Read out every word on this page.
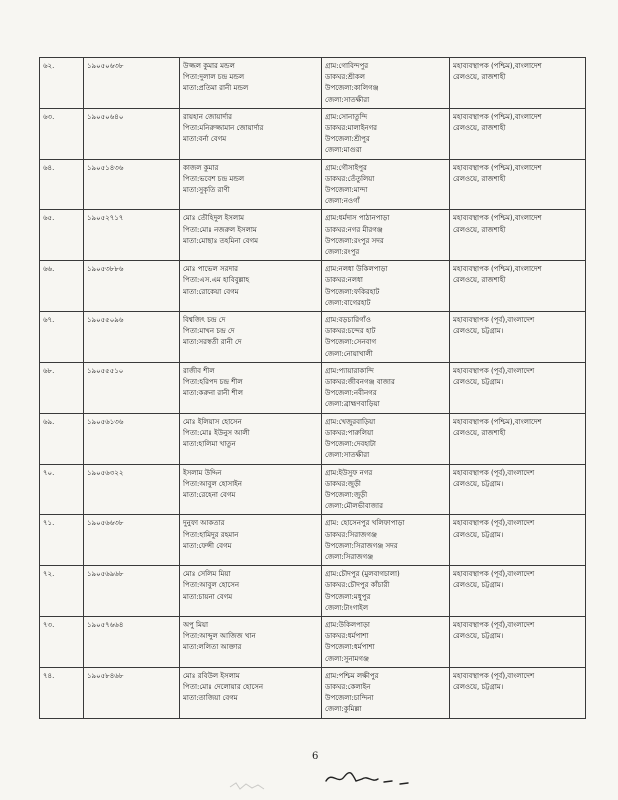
৬২.	১৯০৫০৬৩৮	উজ্জল কুমার মন্ডল
পিতা:দুলাল চন্দ্র মন্ডল
মাতা:প্রতিমা রানী মন্ডল	গ্রাম:গোবিন্দপুর
ডাকঘর:শ্রীকল
উপজেলা:কালিগঞ্জ
জেলা:সাতক্ষীরা	মহাব্যবস্থাপক (পশ্চিম),বাংলাদেশ
রেলওয়ে, রাজশাহী

৬৩.	১৯০৫০৬৪০	রায়হান জোয়ার্দার
পিতা:মনিরুজ্জামান জোয়ার্দার
মাতা:বর্না বেগম	গ্রাম:সোনাতুন্দি
ডাকঘর:মালাইনগর
উপজেলা:শ্রীপুর
জেলা:মাগুরা	মহাব্যবস্থাপক (পশ্চিম),বাংলাদেশ
রেলওয়ে, রাজশাহী

৬৪.	১৯০৫১৪৩৬	কাজল কুমার
পিতা:ভবেশ চন্দ্র মন্ডল
মাতা:সুকৃতি রাণী	গ্রাম:গৌসাইপুর
ডাকঘর:তেঁতুলিয়া
উপজেলা:মান্দা
জেলা:নওগাঁ	মহাব্যবস্থাপক (পশ্চিম),বাংলাদেশ
রেলওয়ে, রাজশাহী

৬৫.	১৯০৫২৭১৭	মোঃ তৌহিদুল ইসলাম
পিতা:মোঃ নজরুল ইসলাম
মাতা:মোছাঃ তহমিনা বেগম	গ্রাম:ধর্মদাস পাঠানপাড়া
ডাকঘর:নগর মীরগঞ্জ
উপজেলা:রংপুর সদর
জেলা:রংপুর	মহাব্যবস্থাপক (পশ্চিম),বাংলাদেশ
রেলওয়ে, রাজশাহী

৬৬.	১৯০৫৩৮৮৬	মোঃ পাভেল সরদার
পিতা:এস.এম হাবিবুল্লাহ
মাতা:রোকেয়া বেগম	গ্রাম:নলধা উকিলপাড়া
ডাকঘর:নলধা
উপজেলা:ফকিরহাট
জেলা:বাগেরহাট	মহাব্যবস্থাপক (পশ্চিম),বাংলাদেশ
রেলওয়ে, রাজশাহী

৬৭.	১৯০৫৫০৯৬	বিশ্বজিৎ চন্দ্র দে
পিতা:মাখন চন্দ্র দে
মাতা:সরস্বতী রানী দে	গ্রাম:বড়চারিগাঁও
ডাকঘর:চন্দের হাট
উপজেলা:সেনবাগ
জেলা:নোয়াখালী	মহাব্যবস্থাপক (পূর্ব),বাংলাদেশ
রেলওয়ে, চট্টগ্রাম।

৬৮.	১৯০৫৫৫১০	রাজীব শীল
পিতা:হরিপদ চন্দ্র শীল
মাতা:করুনা রানী শীল	গ্রাম:প্যায়ারাকান্দি
ডাকঘর:জীবনগঞ্জ বাজার
উপজেলা:নবীনগর
জেলা:ব্রাহ্মণবাড়িয়া	মহাব্যবস্থাপক (পূর্ব),বাংলাদেশ
রেলওয়ে, চট্টগ্রাম।

৬৯.	১৯০৫৬১৩৬	মোঃ ইলিয়াস হোসেন
পিতা:মোঃ ইউনুস আলী
মাতা:হালিমা খাতুন	গ্রাম:খেজুরবাড়িয়া
ডাকঘর:পারুলিয়া
উপজেলা:দেবহাটা
জেলা:সাতক্ষীরা	মহাব্যবস্থাপক (পশ্চিম),বাংলাদেশ
রেলওয়ে, রাজশাহী

৭০.	১৯০৫৬৩২২	ইসলাম উদ্দিন
পিতা:আবুল হোসাইন
মাতা:রেহেনা বেগম	গ্রাম:ইউসুফ নগর
ডাকঘর:জুড়ী
উপজেলা:জুড়ী
জেলা:মৌলভীবাজার	মহাব্যবস্থাপক (পূর্ব),বাংলাদেশ
রেলওয়ে, চট্টগ্রাম।

৭১.	১৯০৫৬৬৩৮	দুনুফা আকতার
পিতা:হামিদুর রহমান
মাতা:ফেন্সী বেগম	গ্রাম: হোসেনপুর খলিফাপাড়া
ডাকঘর:সিরাজগঞ্জ
উপজেলা:সিরাজগঞ্জ সদর
জেলা:সিরাজগঞ্জ	মহাব্যবস্থাপক (পূর্ব),বাংলাদেশ
রেলওয়ে, চট্টগ্রাম।

৭২.	১৯০৫৬৯৬৮	মোঃ সেলিম মিয়া
পিতা:আবুল হোসেন
মাতা:চায়না বেগম	গ্রাম:চৌদপুর (মুলবাগচালা)
ডাকঘর:চৌদপুর কাঁচারী
উপজেলা:মধুপুর
জেলা:টাংগাইল	মহাব্যবস্থাপক (পূর্ব),বাংলাদেশ
রেলওয়ে, চট্টগ্রাম।

৭৩.	১৯০৫৭৬৬৪	অপু মিয়া
পিতা:আব্দুল আজিজ খান
মাতা:ললিতা আক্তার	গ্রাম:উকিলপাড়া
ডাকঘর:ধর্মপাশা
উপজেলা:ধর্মপাশা
জেলা:সুনামগঞ্জ	মহাব্যবস্থাপক (পূর্ব),বাংলাদেশ
রেলওয়ে, চট্টগ্রাম।

৭৪.	১৯০৫৮৪৬৮	মোঃ রবিউল ইসলাম
পিতা:মোঃ দেলোয়ার হোসেন
মাতা:তাজিয়া বেগম	গ্রাম:পশ্চিম লক্ষীপুর
ডাকঘর:কেলাইন
উপজেলা:চান্দিনা
জেলা:কুমিল্লা	মহাব্যবস্থাপক (পূর্ব),বাংলাদেশ
রেলওয়ে, চট্টগ্রাম।
6
